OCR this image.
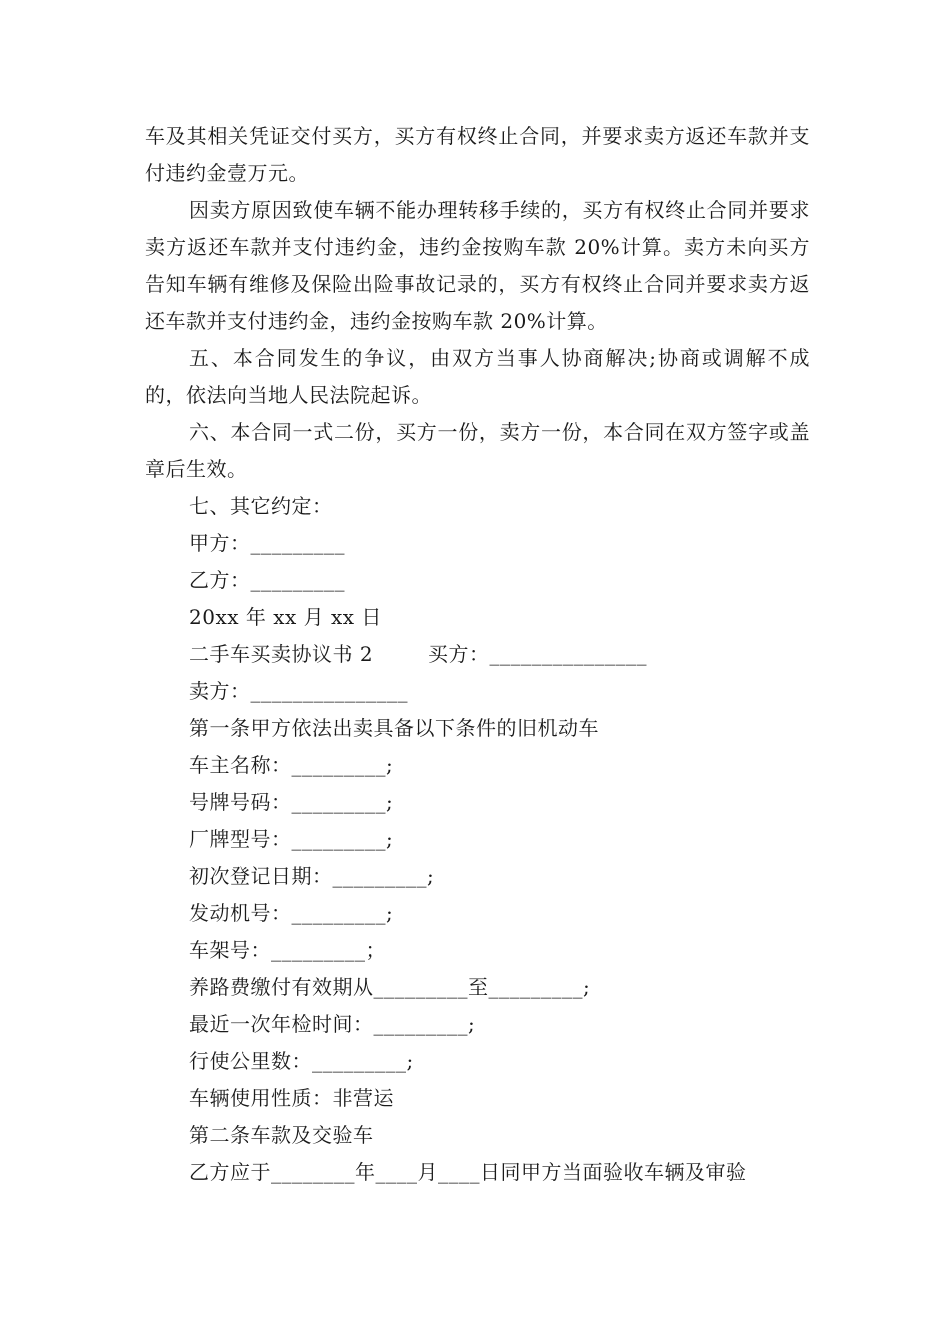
车及其相关凭证交付买方，买方有权终止合同，并要求卖方返还车款并支付违约金壹万元。

因卖方原因致使车辆不能办理转移手续的，买方有权终止合同并要求卖方返还车款并支付违约金，违约金按购车款 20%计算。卖方未向买方告知车辆有维修及保险出险事故记录的，买方有权终止合同并要求卖方返还车款并支付违约金，违约金按购车款 20%计算。

五、本合同发生的争议，由双方当事人协商解决;协商或调解不成的，依法向当地人民法院起诉。

六、本合同一式二份，买方一份，卖方一份，本合同在双方签字或盖章后生效。

七、其它约定：

甲方：_________

乙方：_________

20xx 年 xx 月 xx 日

二手车买卖协议书 2        买方：_______________

卖方：_______________

第一条甲方依法出卖具备以下条件的旧机动车

车主名称：_________;

号牌号码：_________;

厂牌型号：_________;

初次登记日期：_________;

发动机号：_________;

车架号：_________；

养路费缴付有效期从_________至_________;

最近一次年检时间：_________;

行使公里数：_________;

车辆使用性质：非营运

第二条车款及交验车

乙方应于________年____月____日同甲方当面验收车辆及审验
